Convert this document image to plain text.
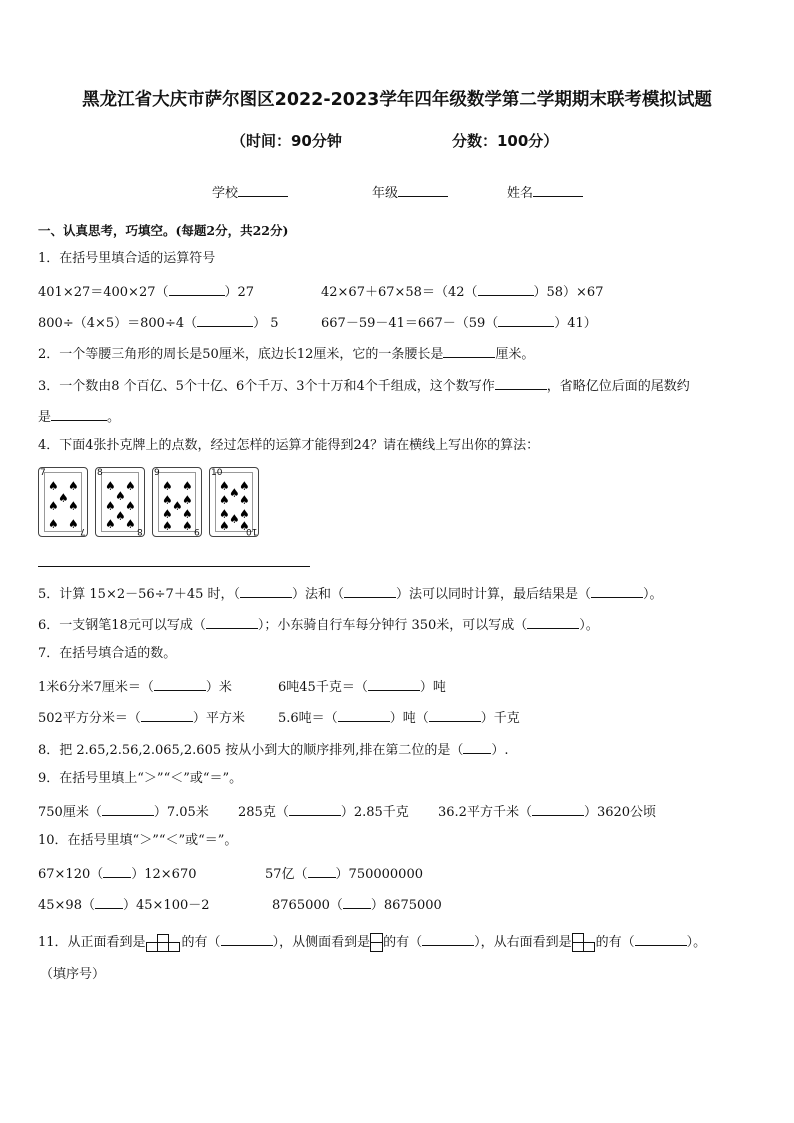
黑龙江省大庆市萨尔图区2022-2023学年四年级数学第二学期期末联考模拟试题
（时间：90分钟	分数：100分）
学校	年级	姓名
一、认真思考，巧填空。(每题2分，共22分)
1．在括号里填合适的运算符号
401×27＝400×27（	）27	42×67＋67×58＝（42（	）58）×67
800÷（4×5）＝800÷4（	） 5	667－59－41＝667－（59（	）41）
2．一个等腰三角形的周长是50厘米，底边长12厘米，它的一条腰长是	厘米。
3．一个数由8 个百亿、5个十亿、6个千万、3个十万和4个千组成，这个数写作	，省略亿位后面的尾数约
是	。
4．下面4张扑克牌上的点数，经过怎样的运算才能得到24？请在横线上写出你的算法：
7
7
♠ ♠
♠
♠ ♠
♠ ♠
8
8
♠ ♠
♠
♠ ♠
♠
♠ ♠
9
9
♠ ♠
♠ ♠
♠
♠ ♠
♠ ♠
10
10
♠ ♠
♠
♠ ♠
♠ ♠
♠
♠ ♠
5．计算 15×2－56÷7＋45 时，（	）法和（	）法可以同时计算，最后结果是（	）。
6．一支钢笔18元可以写成（	）；小东骑自行车每分钟行 350米，可以写成（	）。
7．在括号填合适的数。
1米6分米7厘米＝（	）米	6吨45千克＝（	）吨
502平方分米＝（	）平方米	5.6吨＝（	）吨（	）千克
8．把 2.65,2.56,2.065,2.605 按从小到大的顺序排列,排在第二位的是（ ）.
9．在括号里填上“＞”“＜”或“＝”。
750厘米（	）7.05米 285克（	）2.85千克 36.2平方千米（	）3620公顷
10．在括号里填“＞”“＜”或“＝”。
67×120（ ）12×670	57亿（ ）750000000
45×98（ ）45×100－2	8765000（ ）8675000
11．从正面看到是	的有（	），从侧面看到是 的有（	），从右面看到是 的有（	）。
（填序号）
